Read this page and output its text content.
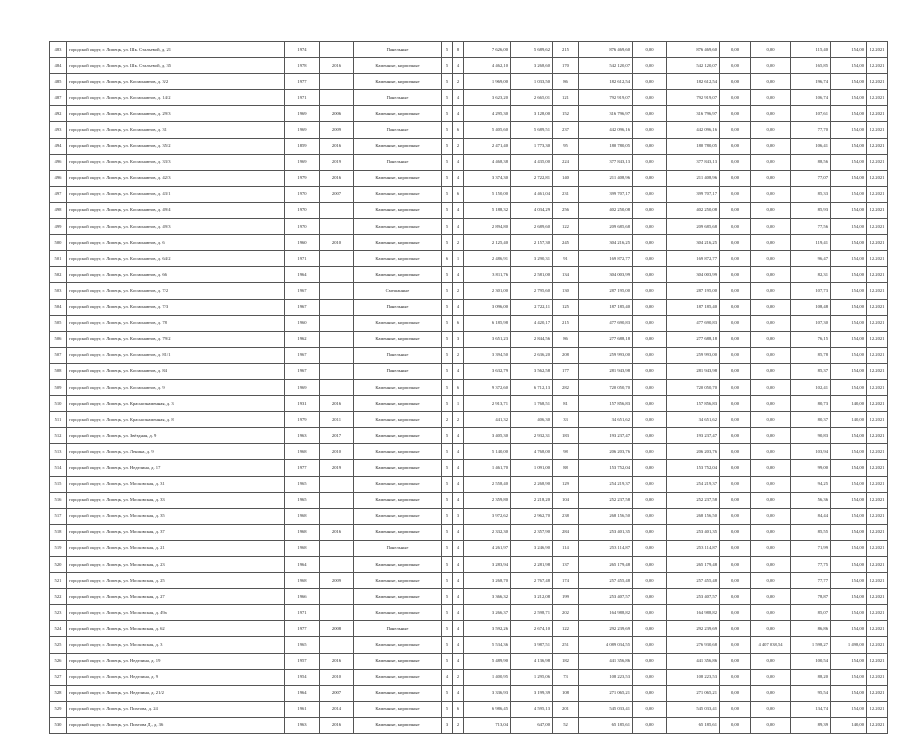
483	городской округ, г. Липецк, ул. Шк. Стальевой, д. 21	1974		Панельные	5	8	7 626,00	5 689,62	215	876 469,60	0,00	876 469,60	0,00	0,00	115,40	154,00	12.2021
484	городской округ, г. Липецк, ул. Шк. Стальевой, д. 35	1978	2016	Каменные, кирпичные	5	4	4 462,10	3 268,60	170	542 120,07	0,00	542 120,07	0,00	0,00	165,85	154,00	12.2021
485	городской округ, г. Липецк, ул. Космонавтов, д. 3/2	1977		Каменные, кирпичные	5	2	1 969,00	1 033,50	86	182 612,54	0,00	182 612,54	0,00	0,00	196,74	154,00	12.2021
487	городской округ, г. Липецк, ул. Космонавтов, д. 14/2	1971		Панельные	5	4	3 623,20	2 665,01	121	792 919,07	0,00	792 919,07	0,00	0,00	106,74	154,00	12.2021
492	городской округ, г. Липецк, ул. Космонавтов, д. 29/3	1969	2006	Каменные, кирпичные	5	4	4 295,30	3 128,00	152	316 796,97	0,00	316 796,97	0,00	0,00	107,61	154,00	12.2021
493	городской округ, г. Липецк, ул. Космонавтов, д. 31	1969	2009	Панельные	5	6	5 405,60	5 689,51	237	442 096,16	0,00	442 096,16	0,00	0,00	77,70	154,00	12.2021
494	городской округ, г. Липецк, ул. Космонавтов, д. 35/2	1859	2016	Каменные, кирпичные	5	2	2 471,40	1 773,30	95	180 780,05	0,00	180 780,05	0,00	0,00	106,41	154,00	12.2021
496	городской округ, г. Липецк, ул. Космонавтов, д. 33/3	1969	2019	Панельные	5	4	4 468,38	4 435,00	224	377 843,13	0,00	377 843,13	0,00	0,00	88,56	154,00	12.2021
496	городской округ, г. Липецк, ул. Космонавтов, д. 42/3	1979	2016	Каменные, кирпичные	5	4	3 374,30	2 722,81	140	211 408,96	0,00	211 408,96	0,00	0,00	77,07	154,00	12.2021
497	городской округ, г. Липецк, ул. Космонавтов, д. 43/1	1970	2007	Каменные, кирпичные	5	6	5 150,00	4 461,04	231	399 707,17	0,00	399 707,17	0,00	0,00	85,33	154,00	12.2021
498	городской округ, г. Липецк, ул. Космонавтов, д. 49/4	1970		Каменные, кирпичные	5	4	5 188,32	4 034,29	256	402 250,08	0,00	402 250,08	0,00	0,00	85,93	154,00	12.2021
499	городской округ, г. Липецк, ул. Космонавтов, д. 49/3	1970		Каменные, кирпичные	5	4	2 894,80	2 689,60	122	209 685,68	0,00	209 685,68	0,00	0,00	77,56	154,00	12.2021
500	городской округ, г. Липецк, ул. Космонавтов, д. 6	1960	2010	Каменные, кирпичные	5	2	2 125,40	2 157,30	245	304 216,25	0,00	304 216,25	0,00	0,00	119,41	154,00	12.2021
501	городской округ, г. Липецк, ул. Космонавтов, д. 64/2	1971		Каменные, кирпичные	6	1	2 486,91	3 290,31	91	169 872,77	0,00	169 872,77	0,00	0,00	96,47	154,00	12.2021
502	городской округ, г. Липецк, ул. Космонавтов, д. 66	1964		Каменные, кирпичные	5	4	3 811,76	2 581,00	134	304 003,99	0,00	304 003,99	0,00	0,00	82,31	154,00	12.2021
503	городской округ, г. Липецк, ул. Космонавтов, д. 7/2	1967		Смешанные	5	2	2 301,00	2 795,60	130	287 195,00	0,00	287 195,00	0,00	0,00	107,73	154,00	12.2021
504	городской округ, г. Липецк, ул. Космонавтов, д. 7/3	1967		Панельные	5	4	3 096,00	2 722,11	125	187 185,40	0,00	187 185,40	0,00	0,00	108,48	154,00	12.2021
505	городской округ, г. Липецк, ул. Космонавтов, д. 78	1960		Каменные, кирпичные	5	6	6 185,98	4 420,17	215	477 690,83	0,00	477 690,83	0,00	0,00	107,30	154,00	12.2021
506	городской округ, г. Липецк, ул. Космонавтов, д. 79/2	1962		Каменные, кирпичные	5	3	3 651,23	2 844,56	86	277 688,18	0,00	277 688,18	0,00	0,00	76,15	154,00	12.2021
507	городской округ, г. Липецк, ул. Космонавтов, д. 81/1	1967		Панельные	5	2	3 394,50	2 636,20	208	259 993,00	0,00	259 993,00	0,00	0,00	85,78	154,00	12.2021
508	городской округ, г. Липецк, ул. Космонавтов, д. 84	1967		Панельные	5	4	3 632,79	3 562,58	177	281 943,98	0,00	281 943,98	0,00	0,00	85,37	154,00	12.2021
509	городской округ, г. Липецк, ул. Космонавтов, д. 9	1969		Каменные, кирпичные	5	6	9 372,60	6 712,13	282	720 050,70	0,00	720 050,70	0,00	0,00	102,41	154,00	12.2021
510	городской округ, г. Липецк, ул. Краснознаменная, д. 3	1931	2016	Каменные, кирпичные	5	1	2 913,71	1 768,51	81	157 856,83	0,00	157 856,83	0,00	0,00	80,73	140,00	12.2021
511	городской округ, г. Липецк, ул. Краснознаменная, д. 8	1979	2011	Каменные, кирпичные	2	2	441,32	406,30	33	34 651,62	0,00	34 651,62	0,00	0,00	80,37	140,00	12.2021
512	городской округ, г. Липецк, ул. Звёздная, д. 9	1963	2017	Каменные, кирпичные	5	4	3 405,30	2 932,31	183	193 237,47	0,00	193 237,47	0,00	0,00	90,83	154,00	12.2021
513	городской округ, г. Липецк, ул. Ленина, д. 9	1968	2010	Каменные, кирпичные	5	4	5 140,00	4 768,00	98	206 203,76	0,00	206 203,76	0,00	0,00	103,94	154,00	12.2021
514	городской округ, г. Липецк, ул. Неделина, д. 17	1977	2019	Каменные, кирпичные	5	4	1 461,70	1 091,00	88	153 752,04	0,00	153 752,04	0,00	0,00	99,00	154,00	12.2021
515	городской округ, г. Липецк, ул. Московская, д. 31	1965		Каменные, кирпичные	5	4	2 558,40	2 268,90	129	254 219,37	0,00	254 219,37	0,00	0,00	94,25	154,00	12.2021
516	городской округ, г. Липецк, ул. Московская, д. 33	1965		Каменные, кирпичные	5	4	2 359,80	2 218,20	104	252 237,58	0,00	252 237,58	0,00	0,00	56,36	154,00	12.2021
517	городской округ, г. Липецк, ул. Московская, д. 35	1968		Каменные, кирпичные	5	3	3 972,62	2 962,70	238	268 156,50	0,00	268 156,50	0,00	0,00	84,44	154,00	12.2021
518	городской округ, г. Липецк, ул. Московская, д. 37	1968	2016	Каменные, кирпичные	5	4	2 332,30	2 357,90	284	253 401,35	0,00	253 401,35	0,00	0,00	85,55	154,00	12.2021
519	городской округ, г. Липецк, ул. Московская, д. 21	1968		Панельные	5	4	4 261,97	3 246,90	114	253 114,87	0,00	253 114,87	0,00	0,00	71,99	154,00	12.2021
520	городской округ, г. Липецк, ул. Московская, д. 23	1964		Каменные, кирпичные	5	4	3 283,94	2 281,98	137	265 179,48	0,00	265 179,48	0,00	0,00	77,75	154,00	12.2021
521	городской округ, г. Липецк, ул. Московская, д. 25	1968	2009	Каменные, кирпичные	5	4	3 268,70	2 767,48	174	257 455,48	0,00	257 455,48	0,00	0,00	77,77	154,00	12.2021
522	городской округ, г. Липецк, ул. Московская, д. 27	1966		Каменные, кирпичные	5	4	3 366,32	3 212,08	199	253 407,57	0,00	253 407,57	0,00	0,00	78,87	154,00	12.2021
523	городской округ, г. Липецк, ул. Московская, д. 49а	1971		Каменные, кирпичные	5	4	3 266,37	2 598,71	202	164 988,82	0,00	164 988,82	0,00	0,00	85,07	154,00	12.2021
524	городской округ, г. Липецк, ул. Московская, д. 62	1977	2008	Панельные	5	4	3 592,26	2 674,10	122	292 239,69	0,00	292 239,69	0,00	0,00	86,86	154,00	12.2021
525	городской округ, г. Липецк, ул. Московская, д. 3	1965		Каменные, кирпичные	5	4	5 534,36	3 987,51	251	4 089 034,55	0,00	276 930,68	0,00	4 407 038,54	1 598,27	1 498,00	12.2021
526	городской округ, г. Липецк, ул. Неделина, д. 19	1957	2016	Каменные, кирпичные	5	4	5 489,90	4 136,98	182	441 356,86	0,00	441 356,86	0,00	0,00	100,54	154,00	12.2021
527	городской округ, г. Липецк, ул. Неделина, д. 9	1954	2010	Каменные, кирпичные	4	2	1 400,95	1 295,06	73	108 223,53	0,00	108 223,53	0,00	0,00	88,20	154,00	12.2021
528	городской округ, г. Липецк, ул. Неделина, д. 21/2	1964	2007	Каменные, кирпичные	5	4	3 336,93	3 199,39	108	271 065,21	0,00	271 065,21	0,00	0,00	95,54	154,00	12.2021
529	городской округ, г. Липецк, ул. Пихтова, д. 24	1961	2014	Каменные, кирпичные	5	6	6 986,45	4 595,13	201	545 033,41	0,00	545 033,41	0,00	0,00	134,74	154,00	12.2021
530	городской округ, г. Липецк, ул. Пихтова Д., д. 36	1963	2016	Каменные, кирпичные	3	2	713,04	647,00	52	65 185,61	0,00	65 185,61	0,00	0,00	89,39	140,00	12.2021
